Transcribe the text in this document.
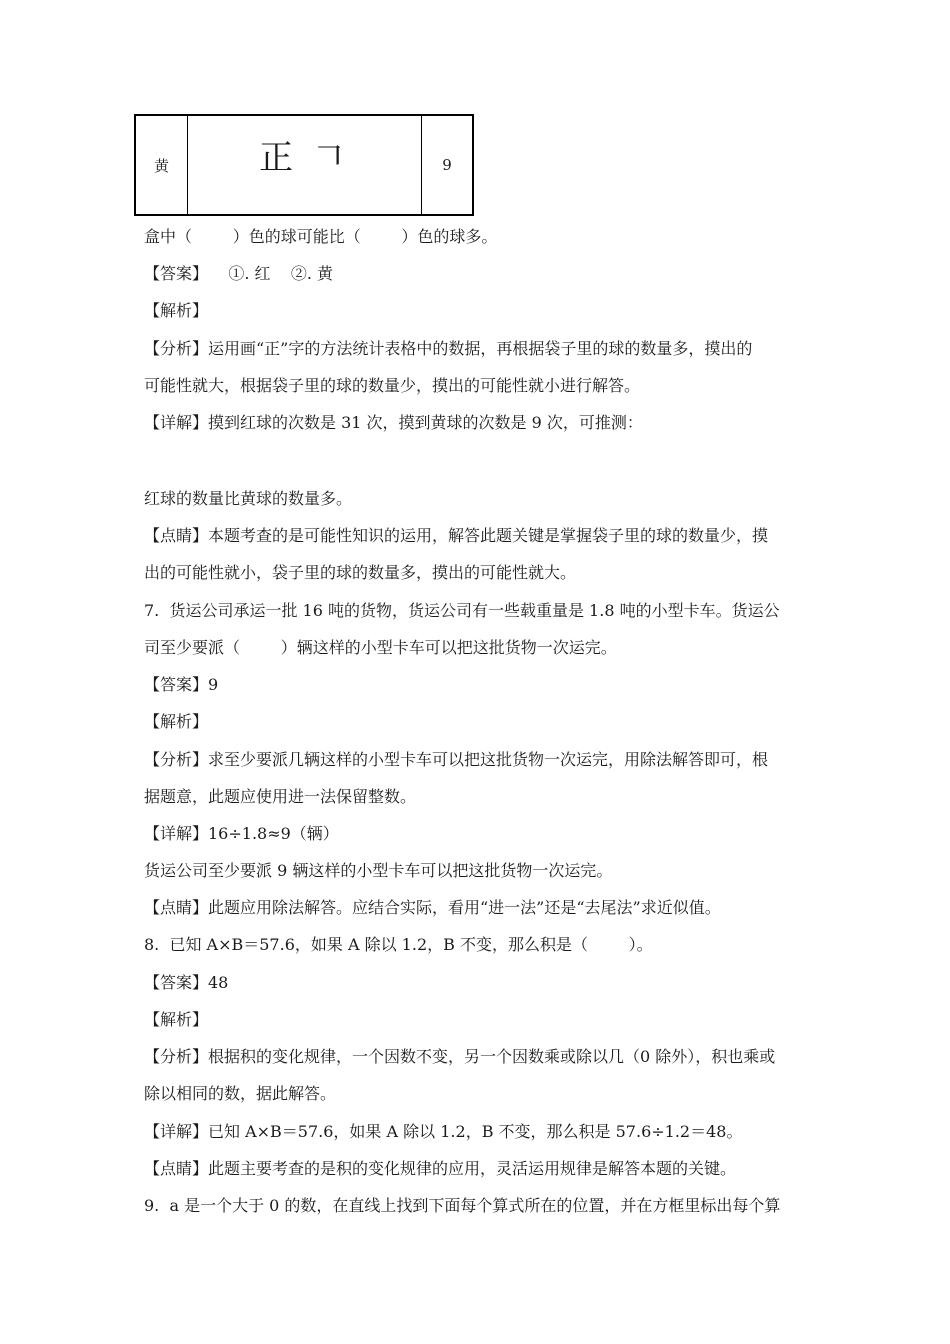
黄	正 𠃍	9
盒中（        ）色的球可能比（        ）色的球多。
【答案】    ①. 红    ②. 黄
【解析】
【分析】运用画“正”字的方法统计表格中的数据，再根据袋子里的球的数量多，摸出的
可能性就大，根据袋子里的球的数量少，摸出的可能性就小进行解答。
【详解】摸到红球的次数是 31 次，摸到黄球的次数是 9 次，可推测：
红球的数量比黄球的数量多。
【点睛】本题考查的是可能性知识的运用，解答此题关键是掌握袋子里的球的数量少，摸
出的可能性就小，袋子里的球的数量多，摸出的可能性就大。
7.  货运公司承运一批 16 吨的货物，货运公司有一些载重量是 1.8 吨的小型卡车。货运公
司至少要派（        ）辆这样的小型卡车可以把这批货物一次运完。
【答案】9
【解析】
【分析】求至少要派几辆这样的小型卡车可以把这批货物一次运完，用除法解答即可，根
据题意，此题应使用进一法保留整数。
【详解】16÷1.8≈9（辆）
货运公司至少要派 9 辆这样的小型卡车可以把这批货物一次运完。
【点睛】此题应用除法解答。应结合实际，看用“进一法”还是“去尾法”求近似值。
8.  已知 A×B＝57.6，如果 A 除以 1.2，B 不变，那么积是（        ）。
【答案】48
【解析】
【分析】根据积的变化规律，一个因数不变，另一个因数乘或除以几（0 除外），积也乘或
除以相同的数，据此解答。
【详解】已知 A×B＝57.6，如果 A 除以 1.2，B 不变，那么积是 57.6÷1.2＝48。
【点睛】此题主要考查的是积的变化规律的应用，灵活运用规律是解答本题的关键。
9.  a 是一个大于 0 的数，在直线上找到下面每个算式所在的位置，并在方框里标出每个算
